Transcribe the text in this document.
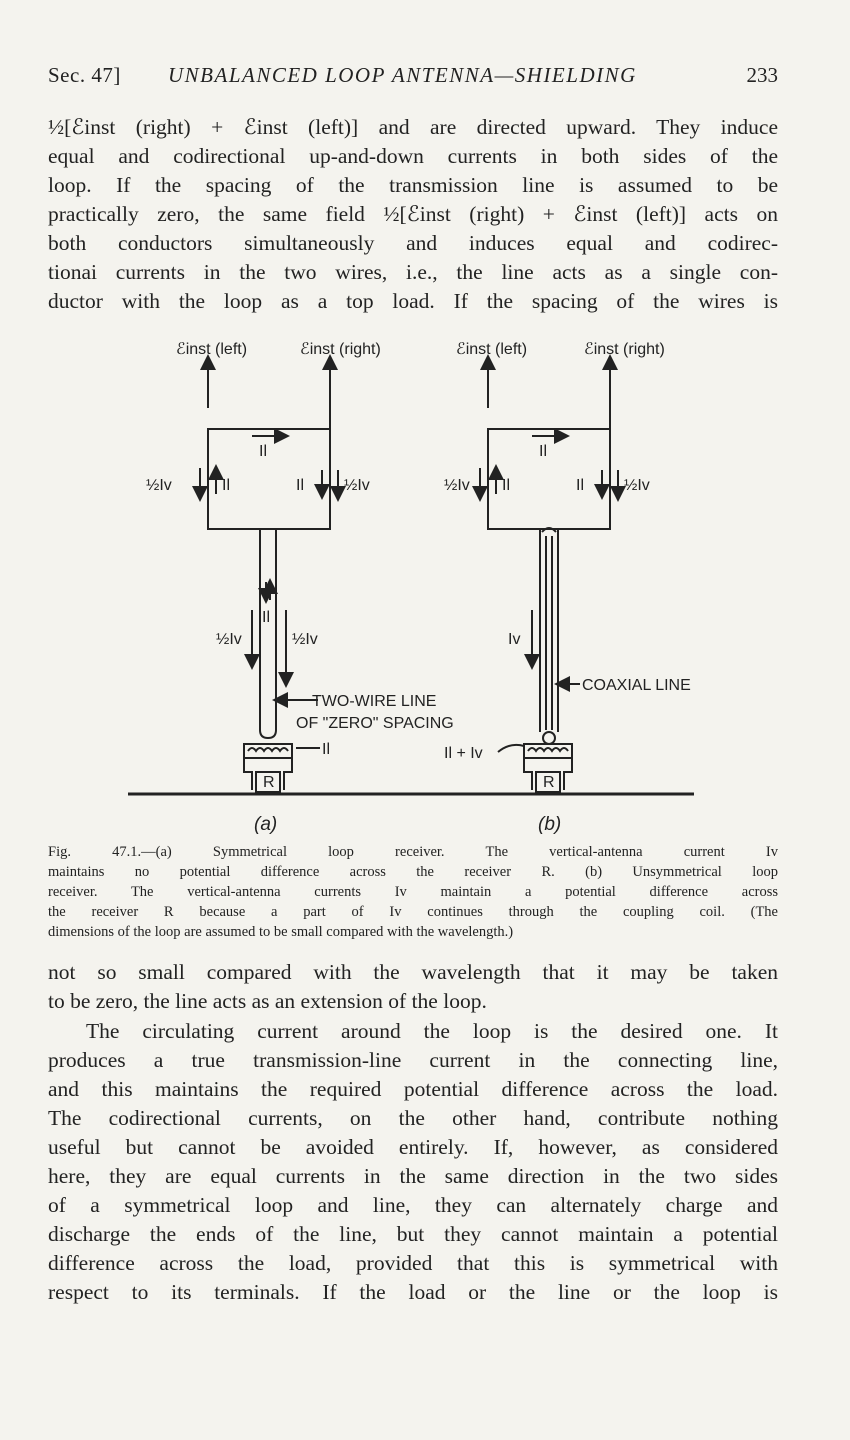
Sec. 47] UNBALANCED LOOP ANTENNA—SHIELDING	233
½[ℰinst (right) + ℰinst (left)] and are directed upward. They induce
equal and codirectional up-and-down currents in both sides of the
loop. If the spacing of the transmission line is assumed to be
practically zero, the same field ½[ℰinst (right) + ℰinst (left)] acts on
both conductors simultaneously and induces equal and codirec-
tionai currents in the two wires, i.e., the line acts as a single con-
ductor with the loop as a top load. If the spacing of the wires is
ℰinst (left)	ℰinst (right)
Il
½Iv	Il	Il	½Iv
Il
½Iv	½Iv
TWO-WIRE LINE
OF "ZERO" SPACING
Il
R
(a)
ℰinst (left)	ℰinst (right)
Il
½Iv Il	Il	½Iv
Iv
COAXIAL LINE
Il + Iv
R
(b)
Fig. 47.1.—(a) Symmetrical loop receiver. The vertical-antenna current Iv
maintains no potential difference across the receiver R. (b) Unsymmetrical loop
receiver. The vertical-antenna currents Iv maintain a potential difference across
the receiver R because a part of Iv continues through the coupling coil. (The
dimensions of the loop are assumed to be small compared with the wavelength.)
not so small compared with the wavelength that it may be taken
to be zero, the line acts as an extension of the loop.
The circulating current around the loop is the desired one. It
produces a true transmission-line current in the connecting line,
and this maintains the required potential difference across the load.
The codirectional currents, on the other hand, contribute nothing
useful but cannot be avoided entirely. If, however, as considered
here, they are equal currents in the same direction in the two sides
of a symmetrical loop and line, they can alternately charge and
discharge the ends of the line, but they cannot maintain a potential
difference across the load, provided that this is symmetrical with
respect to its terminals. If the load or the line or the loop is
